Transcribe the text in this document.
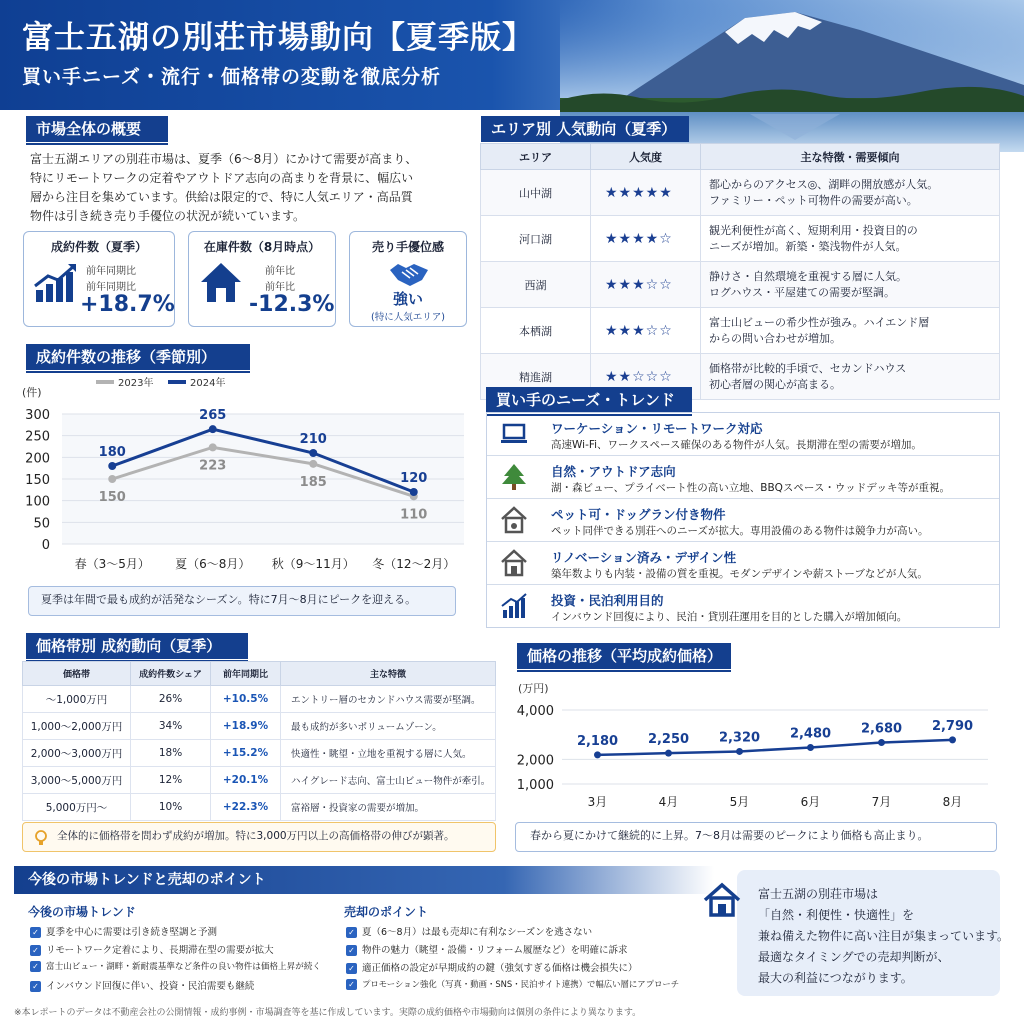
富士五湖の別荘市場動向【夏季版】
買い手ニーズ・流行・価格帯の変動を徹底分析
市場全体の概要
富士五湖エリアの別荘市場は、夏季（6〜8月）にかけて需要が高まり、
特にリモートワークの定着やアウトドア志向の高まりを背景に、幅広い
層から注目を集めています。供給は限定的で、特に人気エリア・高品質
物件は引き続き売り手優位の状況が続いています。
成約件数（夏季）
前年同期比
前年同期比
+18.7%
在庫件数（8月時点）
前年比
前年比
-12.3%
売り手優位感
強い
(特に人気エリア)
成約件数の推移（季節別）
(件)
0
50
100
150
200
250
300
春（3〜5月） 夏（6〜8月） 秋（9〜11月） 冬（12〜2月）
2023年	2024年
150
223
185
110
180
265
210
120
夏季は年間で最も成約が活発なシーズン。特に7月〜8月にピークを迎える。
エリア別 人気動向（夏季）
エリア	人気度	主な特徴・需要傾向
山中湖	★★★★★	都心からのアクセス◎、湖畔の開放感が人気。
ファミリー・ペット可物件の需要が高い。

河口湖	★★★★☆	観光利便性が高く、短期利用・投資目的の
ニーズが増加。新築・築浅物件が人気。

西湖	★★★☆☆	静けさ・自然環境を重視する層に人気。
ログハウス・平屋建ての需要が堅調。

本栖湖	★★★☆☆	富士山ビューの希少性が強み。ハイエンド層
からの問い合わせが増加。

精進湖	★★☆☆☆	価格帯が比較的手頃で、セカンドハウス
初心者層の関心が高まる。
買い手のニーズ・トレンド
ワーケーション・リモートワーク対応
高速Wi-Fi、ワークスペース確保のある物件が人気。長期滞在型の需要が増加。
自然・アウトドア志向
湖・森ビュー、プライベート性の高い立地、BBQスペース・ウッドデッキ等が重視。
ペット可・ドッグラン付き物件
ペット同伴できる別荘へのニーズが拡大。専用設備のある物件は競争力が高い。
リノベーション済み・デザイン性
築年数よりも内装・設備の質を重視。モダンデザインや薪ストーブなどが人気。
投資・民泊利用目的
インバウンド回復により、民泊・貸別荘運用を目的とした購入が増加傾向。
価格帯別 成約動向（夏季）
価格帯	成約件数シェア	前年同期比	主な特徴
〜1,000万円	26%	+10.5%	エントリー層のセカンドハウス需要が堅調。
1,000〜2,000万円	34%	+18.9%	最も成約が多いボリュームゾーン。
2,000〜3,000万円	18%	+15.2%	快適性・眺望・立地を重視する層に人気。
3,000〜5,000万円	12%	+20.1%	ハイグレード志向、富士山ビュー物件が牽引。
5,000万円〜	10%	+22.3%	富裕層・投資家の需要が増加。
全体的に価格帯を問わず成約が増加。特に3,000万円以上の高価格帯の伸びが顕著。
価格の推移（平均成約価格）
(万円)
1,000
2,000
4,000
3月	4月	5月	6月	7月	8月
2,180 2,250 2,320 2,480 2,680 2,790
春から夏にかけて継続的に上昇。7〜8月は需要のピークにより価格も高止まり。
今後の市場トレンドと売却のポイント
今後の市場トレンド
✓ 夏季を中心に需要は引き続き堅調と予測
✓ リモートワーク定着により、長期滞在型の需要が拡大
✓ 富士山ビュー・湖畔・新耐震基準など条件の良い物件は価格上昇が続く
✓ インバウンド回復に伴い、投資・民泊需要も継続
売却のポイント
✓ 夏（6〜8月）は最も売却に有利なシーズンを逃さない
✓ 物件の魅力（眺望・設備・リフォーム履歴など）を明確に訴求
✓ 適正価格の設定が早期成約の鍵（強気すぎる価格は機会損失に）
✓ プロモーション強化（写真・動画・SNS・民泊サイト連携）で幅広い層にアプローチ
富士五湖の別荘市場は
「自然・利便性・快適性」を
兼ね備えた物件に高い注目が集まっています。
最適なタイミングでの売却判断が、
最大の利益につながります。
※本レポートのデータは不動産会社の公開情報・成約事例・市場調査等を基に作成しています。実際の成約価格や市場動向は個別の条件により異なります。
